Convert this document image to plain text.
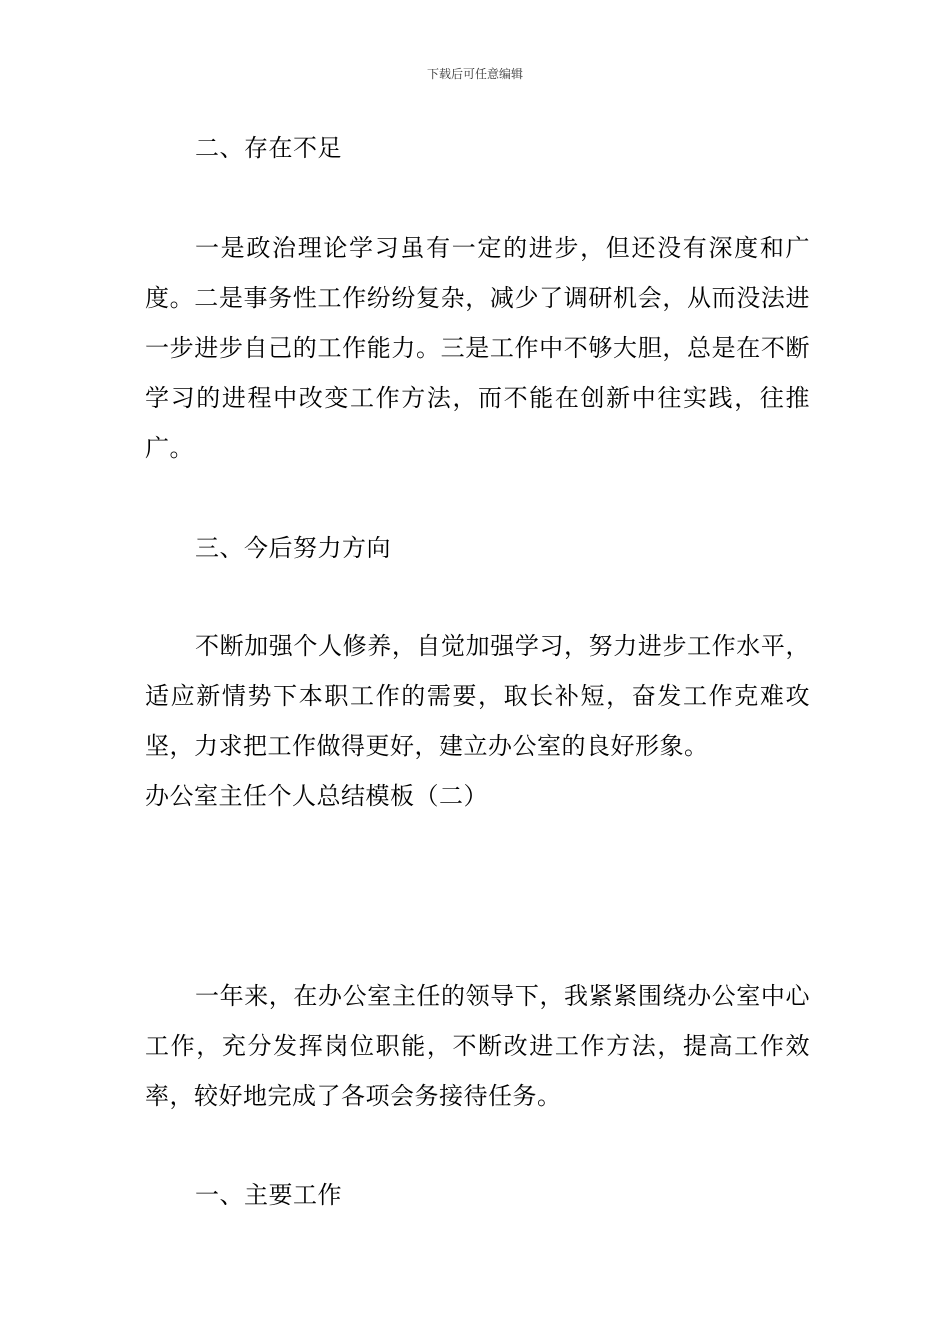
下载后可任意编辑

二、存在不足

一是政治理论学习虽有一定的进步，但还没有深度和广度。二是事务性工作纷纷复杂，减少了调研机会，从而没法进一步进步自己的工作能力。三是工作中不够大胆，总是在不断学习的进程中改变工作方法，而不能在创新中往实践，往推广。

三、今后努力方向

不断加强个人修养，自觉加强学习，努力进步工作水平，适应新情势下本职工作的需要，取长补短，奋发工作克难攻坚，力求把工作做得更好，建立办公室的良好形象。

办公室主任个人总结模板（二）

一年来，在办公室主任的领导下，我紧紧围绕办公室中心工作，充分发挥岗位职能，不断改进工作方法，提高工作效率，较好地完成了各项会务接待任务。

一、主要工作
